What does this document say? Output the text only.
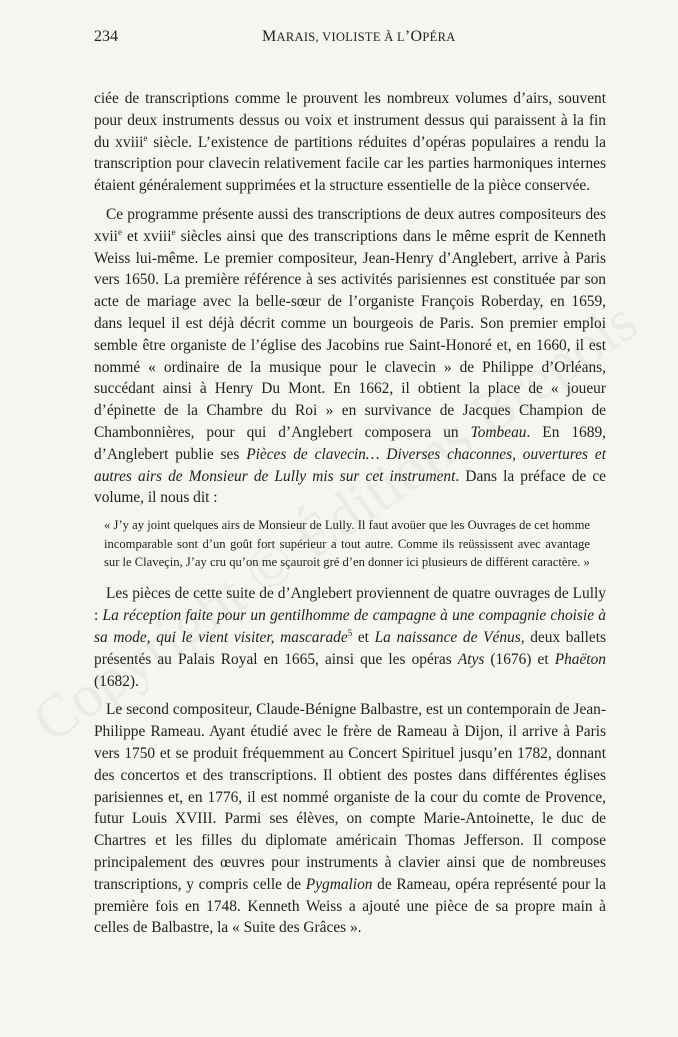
234	MARAIS, VIOLISTE À L’OPÉRA

ciée de transcriptions comme le prouvent les nombreux volumes d’airs, souvent pour deux instruments dessus ou voix et instrument dessus qui paraissent à la fin du xviii$^e$ siècle. L’existence de partitions réduites d’opéras populaires a rendu la transcription pour clavecin relativement facile car les parties harmoniques internes étaient généralement supprimées et la structure essentielle de la pièce conservée.

Ce programme présente aussi des transcriptions de deux autres compositeurs des xvii$^e$ et xviii$^e$ siècles ainsi que des transcriptions dans le même esprit de Kenneth Weiss lui-même. Le premier compositeur, Jean-Henry d’Anglebert, arrive à Paris vers 1650. La première référence à ses activités parisiennes est constituée par son acte de mariage avec la belle-sœur de l’organiste François Roberday, en 1659, dans lequel il est déjà décrit comme un bourgeois de Paris. Son premier emploi semble être organiste de l’église des Jacobins rue Saint-Honoré et, en 1660, il est nommé « ordinaire de la musique pour le clavecin » de Philippe d’Orléans, succédant ainsi à Henry Du Mont. En 1662, il obtient la place de « joueur d’épinette de la Chambre du Roi » en survivance de Jacques Champion de Chambonnières, pour qui d’Anglebert composera un Tombeau. En 1689, d’Anglebert publie ses Pièces de clavecin… Diverses chaconnes, ouvertures et autres airs de Monsieur de Lully mis sur cet instrument. Dans la préface de ce volume, il nous dit :

« J’y ay joint quelques airs de Monsieur de Lully. Il faut avoüer que les Ouvrages de cet homme incomparable sont d’un goût fort supérieur a tout autre. Comme ils reüssissent avec avantage sur le Claveçin, J’ay cru qu’on me sçauroit gré d’en donner ici plusieurs de différent caractère. »

Les pièces de cette suite de d’Anglebert proviennent de quatre ouvrages de Lully : La réception faite pour un gentilhomme de campagne à une compagnie choisie à sa mode, qui le vient visiter, mascarade$^5$ et La naissance de Vénus, deux ballets présentés au Palais Royal en 1665, ainsi que les opéras Atys (1676) et Phaëton (1682).

Le second compositeur, Claude-Bénigne Balbastre, est un contemporain de Jean-Philippe Rameau. Ayant étudié avec le frère de Rameau à Dijon, il arrive à Paris vers 1750 et se produit fréquemment au Concert Spirituel jusqu’en 1782, donnant des concertos et des transcriptions. Il obtient des postes dans différentes églises parisiennes et, en 1776, il est nommé organiste de la cour du comte de Provence, futur Louis XVIII. Parmi ses élèves, on compte Marie-Antoinette, le duc de Chartres et les filles du diplomate américain Thomas Jefferson. Il compose principalement des œuvres pour instruments à clavier ainsi que de nombreuses transcriptions, y compris celle de Pygmalion de Rameau, opéra représenté pour la première fois en 1748. Kenneth Weiss a ajouté une pièce de sa propre main à celles de Balbastre, la « Suite des Grâces ».
